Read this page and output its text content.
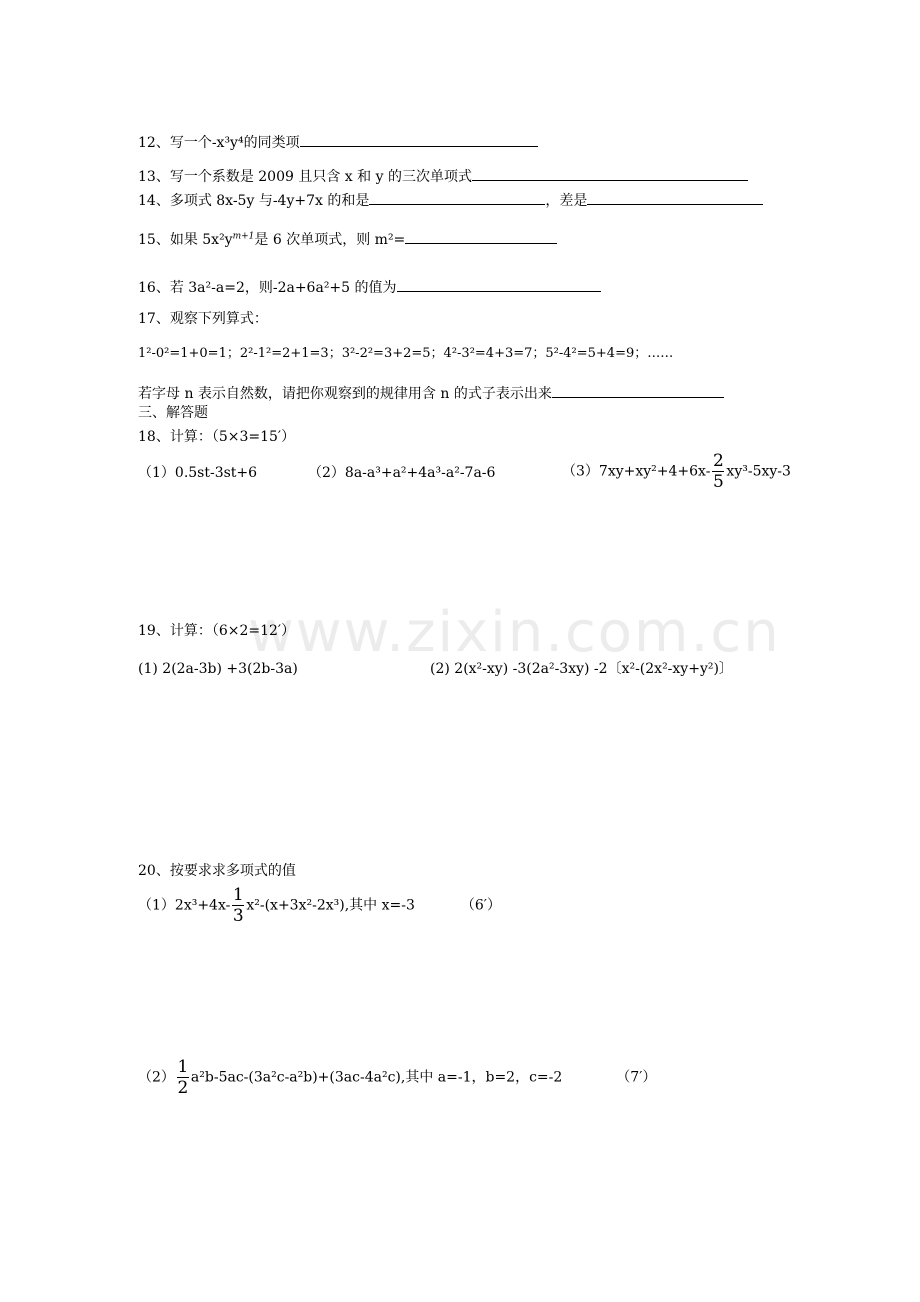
www.zixin.com.cn
12、写一个-x³y⁴的同类项
13、写一个系数是 2009 且只含 x 和 y 的三次单项式
14、多项式 8x-5y 与-4y+7x 的和是	，差是
15、如果 $5x^2y^{m+1}$是 6 次单项式，则 m²=
16、若 3a²-a=2，则-2a+6a²+5 的值为
17、观察下列算式：
1²-0²=1+0=1；2²-1²=2+1=3；3²-2²=3+2=5；4²-3²=4+3=7；5²-4²=5+4=9；……
若字母 n 表示自然数，请把你观察到的规律用含 n 的式子表示出来
三、解答题
18、计算：（5×3=15′）
（1）0.5st-3st+6	（2）8a-a³+a²+4a³-a²-7a-6	$(3)7xy+xy^2+4+6x- \frac{2}{5} xy^3-5xy-3$
19、计算：（6×2=12′）
(1) 2(2a-3b) +3(2b-3a)	(2) 2(x²-xy) -3(2a²-3xy) -2〔x²-(2x²-xy+y²)〕
20、按要求求多项式的值
$(1)2x^3+4x- \frac{1}{3} x^2-(x+3x^2-2x^3)$,其中 x=-3	（6′）
$(2) \frac{1}{2} a^2b-5ac-(3a^2c-a^2b)+(3ac-4a^2c)$,其中 a=-1，b=2，c=-2	（7′）
